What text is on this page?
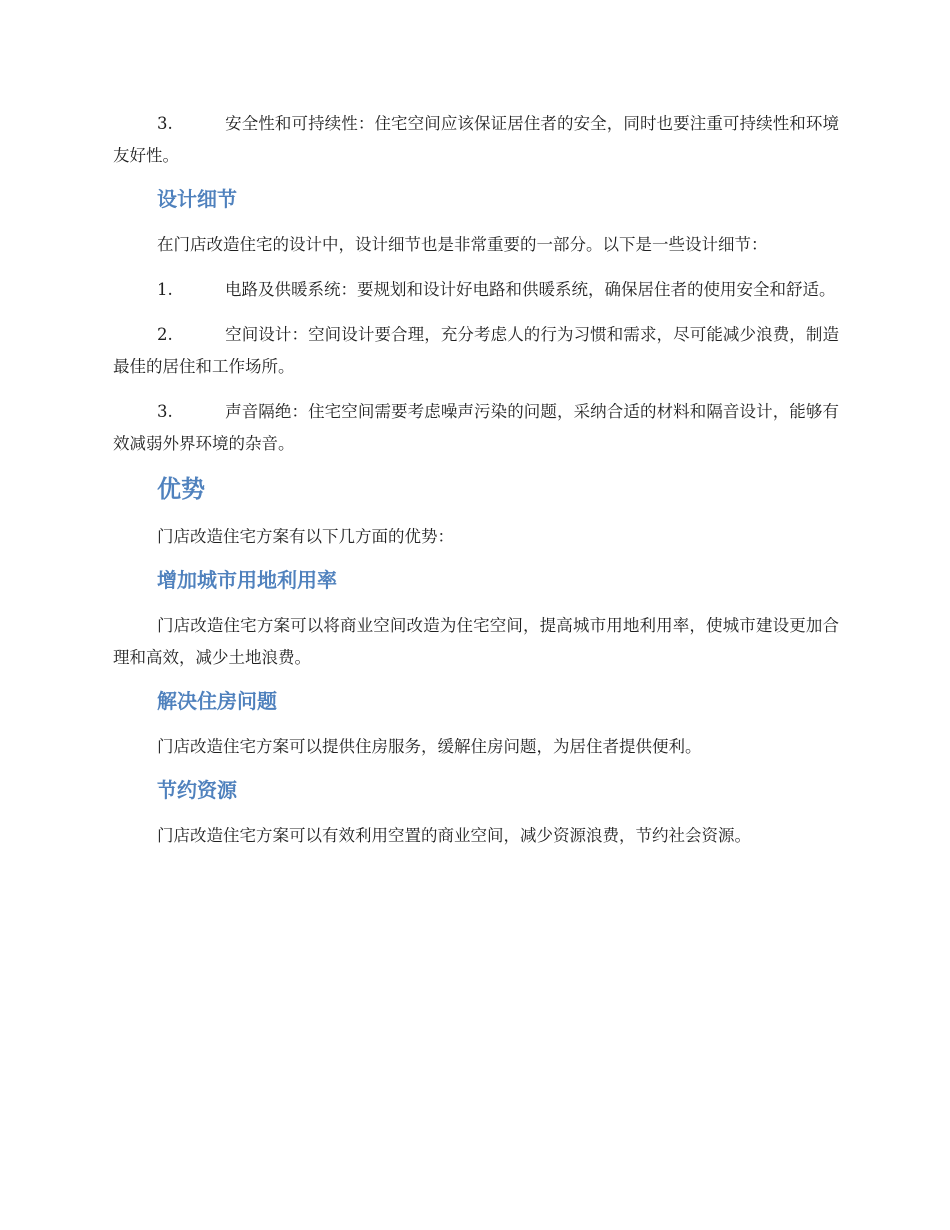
3.	安全性和可持续性：住宅空间应该保证居住者的安全，同时也要注重可持续性和环境友好性。

设计细节

在门店改造住宅的设计中，设计细节也是非常重要的一部分。以下是一些设计细节：

1.	电路及供暖系统：要规划和设计好电路和供暖系统，确保居住者的使用安全和舒适。

2.	空间设计：空间设计要合理，充分考虑人的行为习惯和需求，尽可能减少浪费，制造最佳的居住和工作场所。

3.	声音隔绝：住宅空间需要考虑噪声污染的问题，采纳合适的材料和隔音设计，能够有效减弱外界环境的杂音。

优势

门店改造住宅方案有以下几方面的优势：

增加城市用地利用率

门店改造住宅方案可以将商业空间改造为住宅空间，提高城市用地利用率，使城市建设更加合理和高效，减少土地浪费。

解决住房问题

门店改造住宅方案可以提供住房服务，缓解住房问题，为居住者提供便利。

节约资源

门店改造住宅方案可以有效利用空置的商业空间，减少资源浪费，节约社会资源。
